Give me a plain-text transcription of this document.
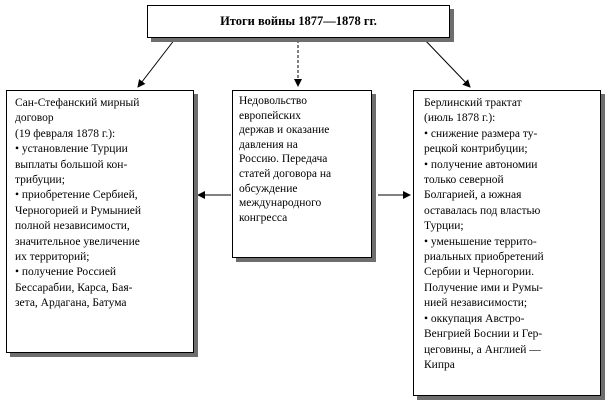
Итоги войны 1877—1878 гг.
Сан-Стефанский мирный
договор
(19 февраля 1878 г.):
• установление Турции
выплаты большой кон-
трибуции;
• приобретение Сербией,
Черногорией и Румынией
полной независимости,
значительное увеличение
их территорий;
• получение Россией
Бессарабии, Карса, Бая-
зета, Ардагана, Батума
Недовольство
европейских
держав и оказание
давления на
Россию. Передача
статей договора на
обсуждение
международного
конгресса
Берлинский трактат
(июль 1878 г.):
• снижение размера ту-
рецкой контрибуции;
• получение автономии
только северной
Болгарией, а южная
оставалась под властью
Турции;
• уменьшение террито-
риальных приобретений
Сербии и Черногории.
Получение ими и Румы-
нией независимости;
• оккупация Австро-
Венгрией Боснии и Гер-
цеговины, а Англией —
Кипра
